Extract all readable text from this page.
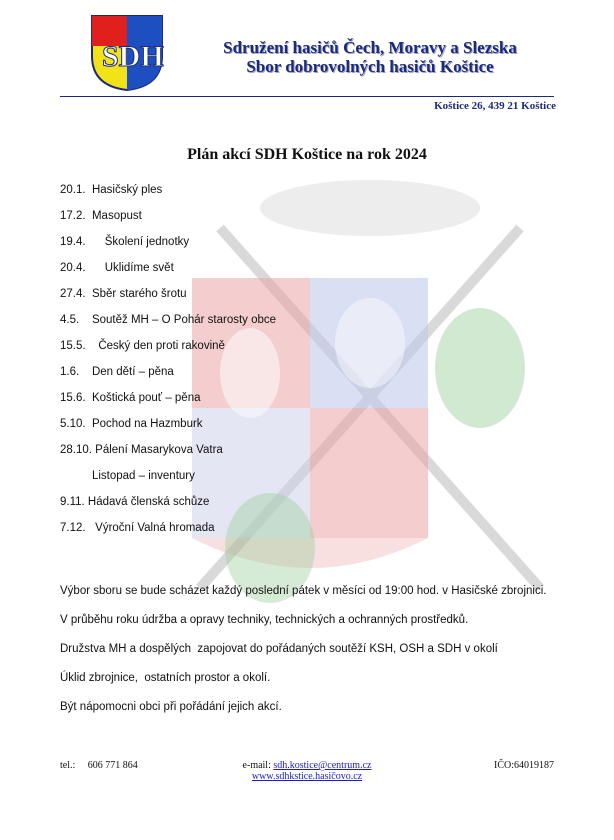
SDH	Sdružení hasičů Čech, Moravy a Slezska
Sbor dobrovolných hasičů Koštice
Koštice 26, 439 21 Koštice
Plán akcí SDH Koštice na rok 2024
20.1.  Hasičský ples
17.2.  Masopust
19.4.      Školení jednotky
20.4.      Uklidíme svět
27.4.  Sběr starého šrotu
4.5.    Soutěž MH – O Pohár starosty obce
15.5.    Český den proti rakovině
1.6.    Den dětí – pěna
15.6.  Koštická pouť – pěna
5.10.  Pochod na Hazmburk
28.10. Pálení Masarykova Vatra
Listopad – inventury
9.11. Hádavá členská schůze
7.12.   Výroční Valná hromada
Výbor sboru se bude scházet každý poslední pátek v měsíci od 19:00 hod. v Hasičské zbrojnici.
V průběhu roku údržba a opravy techniky, technických a ochranných prostředků.
Družstva MH a dospělých  zapojovat do pořádaných soutěží KSH, OSH a SDH v okolí
Úklid zbrojnice,  ostatních prostor a okolí.
Být nápomocni obci při pořádání jejich akcí.
tel.: 606 771 864	e-mail: sdh.kostice@centrum.cz
www.sdhkstice.hasičovo.cz
IČO:64019187
